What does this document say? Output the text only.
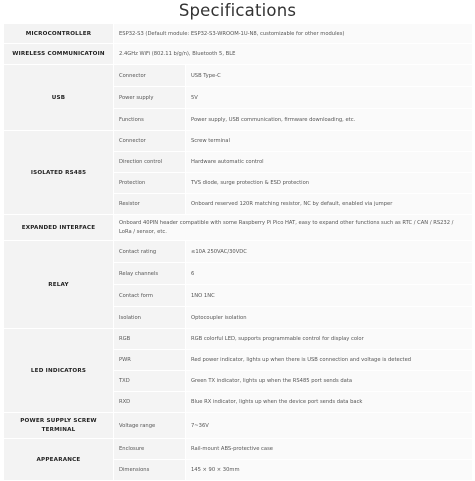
Specifications
MICROCONTROLLER	ESP32-S3 (Default module: ESP32-S3-WROOM-1U-N8, customizable for other modules)	
WIRELESS COMMUNICATOIN	2.4GHz WiFi (802.11 b/g/n), Bluetooth 5, BLE	
USB	Connector	USB Type-C
	Power supply	5V
	Functions	Power supply, USB communication, firmware downloading, etc.
ISOLATED RS485	Connector	Screw terminal
	Direction control	Hardware automatic control
	Protection	TVS diode, surge protection & ESD protection
	Resistor	Onboard reserved 120R matching resistor, NC by default, enabled via jumper
EXPANDED INTERFACE	Onboard 40PIN header compatible with some Raspberry Pi Pico HAT, easy to expand other functions such as RTC / CAN / RS232 / LoRa / sensor, etc.	
RELAY	Contact rating	≤10A 250VAC/30VDC
	Relay channels	6
	Contact form	1NO 1NC
	Isolation	Optocoupler isolation
LED INDICATORS	RGB	RGB colorful LED, supports programmable control for display color
	PWR	Red power indicator, lights up when there is USB connection and voltage is detected
	TXD	Green TX indicator, lights up when the RS485 port sends data
	RXD	Blue RX indicator, lights up when the device port sends data back
POWER SUPPLY SCREW TERMINAL	Voltage range	7~36V
APPEARANCE	Enclosure	Rail-mount ABS-protective case
	Dimensions	145 × 90 × 30mm
